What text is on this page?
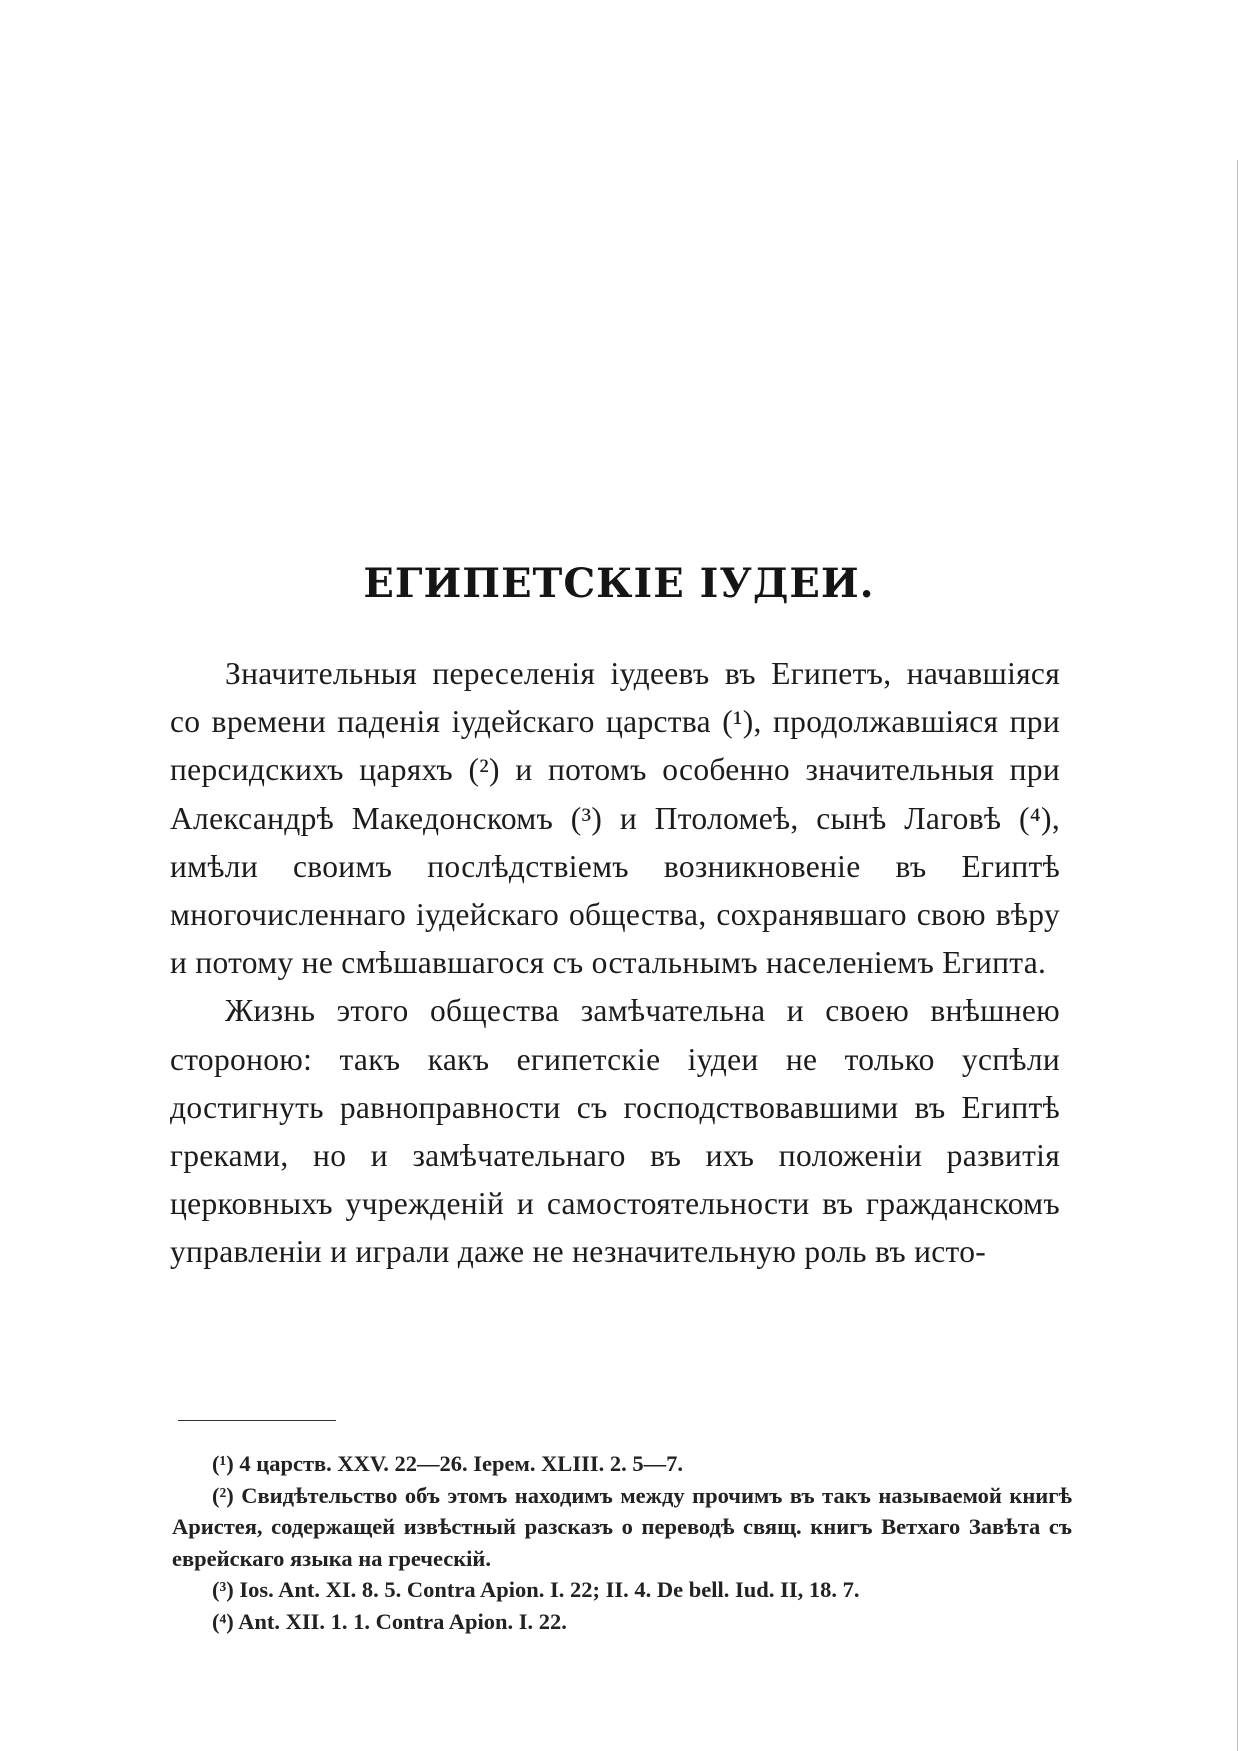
ЕГИПЕТСКІЕ ІУДЕИ.

Значительныя переселенія іудеевъ въ Египетъ, начавшіяся со времени паденія іудейскаго царства (¹), продолжавшіяся при персидскихъ царяхъ (²) и потомъ особенно значительныя при Александрѣ Македонскомъ (³) и Птоломеѣ, сынѣ Лаговѣ (⁴), имѣли своимъ послѣдствіемъ возникновеніе въ Египтѣ многочисленнаго іудейскаго общества, сохранявшаго свою вѣру и потому не смѣшавшагося съ остальнымъ населеніемъ Египта.

Жизнь этого общества замѣчательна и своею внѣшнею стороною: такъ какъ египетскіе іудеи не только успѣли достигнуть равноправности съ господствовавшими въ Египтѣ греками, но и замѣчательнаго въ ихъ положеніи развитія церковныхъ учрежденій и самостоятельности въ гражданскомъ управленіи и играли даже не незначительную роль въ исто-

(¹) 4 царств. XXV. 22—26. Іерем. XLIII. 2. 5—7.

(²) Свидѣтельство объ этомъ находимъ между прочимъ въ такъ называемой книгѣ Аристея, содержащей извѣстный разсказъ о переводѣ свящ. книгъ Ветхаго Завѣта съ еврейскаго языка на греческій.

(³) Ios. Ant. XI. 8. 5. Contra Apion. I. 22; II. 4. De bell. Iud. II, 18. 7.

(⁴) Ant. XII. 1. 1. Contra Apion. I. 22.
